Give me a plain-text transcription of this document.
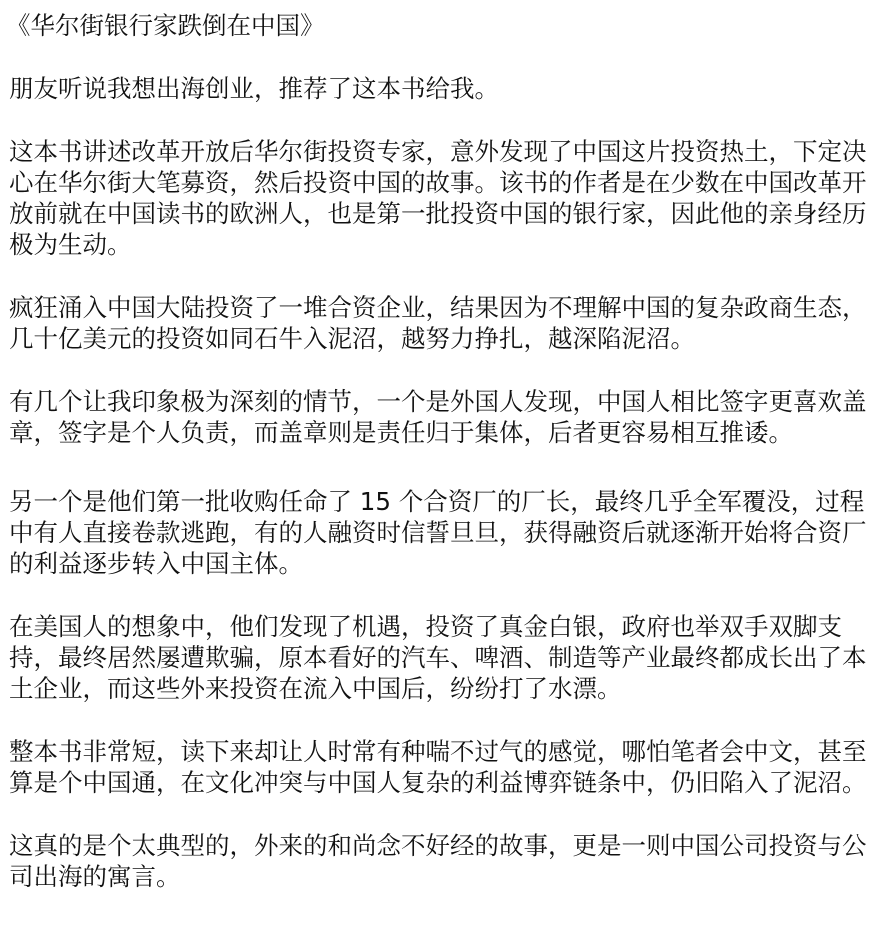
《华尔街银行家跌倒在中国》

朋友听说我想出海创业，推荐了这本书给我。

这本书讲述改革开放后华尔街投资专家，意外发现了中国这片投资热土，下定决心在华尔街大笔募资，然后投资中国的故事。该书的作者是在少数在中国改革开放前就在中国读书的欧洲人，也是第一批投资中国的银行家，因此他的亲身经历极为生动。

疯狂涌入中国大陆投资了一堆合资企业，结果因为不理解中国的复杂政商生态，几十亿美元的投资如同石牛入泥沼，越努力挣扎，越深陷泥沼。

有几个让我印象极为深刻的情节，一个是外国人发现，中国人相比签字更喜欢盖章，签字是个人负责，而盖章则是责任归于集体，后者更容易相互推诿。

另一个是他们第一批收购任命了 15 个合资厂的厂长，最终几乎全军覆没，过程中有人直接卷款逃跑，有的人融资时信誓旦旦，获得融资后就逐渐开始将合资厂的利益逐步转入中国主体。

在美国人的想象中，他们发现了机遇，投资了真金白银，政府也举双手双脚支持，最终居然屡遭欺骗，原本看好的汽车、啤酒、制造等产业最终都成长出了本土企业，而这些外来投资在流入中国后，纷纷打了水漂。

整本书非常短，读下来却让人时常有种喘不过气的感觉，哪怕笔者会中文，甚至算是个中国通，在文化冲突与中国人复杂的利益博弈链条中，仍旧陷入了泥沼。

这真的是个太典型的，外来的和尚念不好经的故事，更是一则中国公司投资与公司出海的寓言。
